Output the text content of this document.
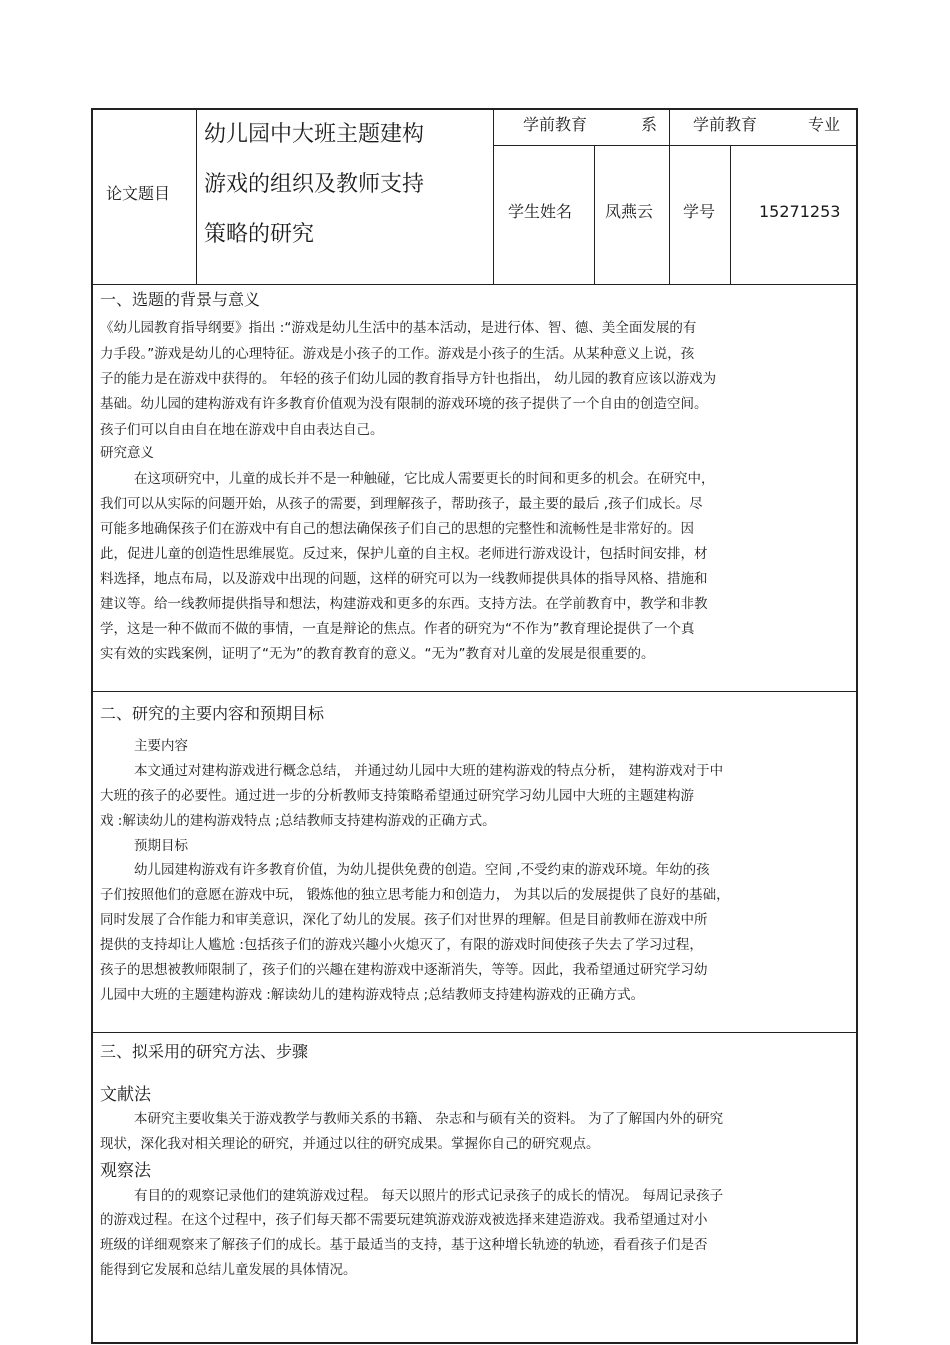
论文题目
幼儿园中大班主题建构
游戏的组织及教师支持
策略的研究
学前教育	系 学前教育	专业
学生姓名 凤燕云 学号	15271253
一、选题的背景与意义
《幼儿园教育指导纲要》指出 :“游戏是幼儿生活中的基本活动，是进行体、智、德、美全面发展的有
力手段。”游戏是幼儿的心理特征。游戏是小孩子的工作。游戏是小孩子的生活。从某种意义上说，孩
子的能力是在游戏中获得的。 年轻的孩子们幼儿园的教育指导方针也指出， 幼儿园的教育应该以游戏为
基础。幼儿园的建构游戏有许多教育价值观为没有限制的游戏环境的孩子提供了一个自由的创造空间。
孩子们可以自由自在地在游戏中自由表达自己。
研究意义
在这项研究中，儿童的成长并不是一种触碰，它比成人需要更长的时间和更多的机会。在研究中，
我们可以从实际的问题开始，从孩子的需要，到理解孩子，帮助孩子，最主要的最后 ,孩子们成长。尽
可能多地确保孩子们在游戏中有自己的想法确保孩子们自己的思想的完整性和流畅性是非常好的。因
此，促进儿童的创造性思维展览。反过来，保护儿童的自主权。老师进行游戏设计，包括时间安排，材
料选择，地点布局，以及游戏中出现的问题，这样的研究可以为一线教师提供具体的指导风格、措施和
建议等。给一线教师提供指导和想法，构建游戏和更多的东西。支持方法。在学前教育中，教学和非教
学，这是一种不做而不做的事情，一直是辩论的焦点。作者的研究为“不作为”教育理论提供了一个真
实有效的实践案例，证明了“无为”的教育教育的意义。“无为”教育对儿童的发展是很重要的。
二、研究的主要内容和预期目标
主要内容
本文通过对建构游戏进行概念总结， 并通过幼儿园中大班的建构游戏的特点分析， 建构游戏对于中
大班的孩子的必要性。通过进一步的分析教师支持策略希望通过研究学习幼儿园中大班的主题建构游
戏 :解读幼儿的建构游戏特点 ;总结教师支持建构游戏的正确方式。
预期目标
幼儿园建构游戏有许多教育价值，为幼儿提供免费的创造。空间 ,不受约束的游戏环境。年幼的孩
子们按照他们的意愿在游戏中玩， 锻炼他的独立思考能力和创造力， 为其以后的发展提供了良好的基础，
同时发展了合作能力和审美意识，深化了幼儿的发展。孩子们对世界的理解。但是目前教师在游戏中所
提供的支持却让人尴尬 :包括孩子们的游戏兴趣小火熄灭了，有限的游戏时间使孩子失去了学习过程，
孩子的思想被教师限制了，孩子们的兴趣在建构游戏中逐渐消失，等等。因此，我希望通过研究学习幼
儿园中大班的主题建构游戏 :解读幼儿的建构游戏特点 ;总结教师支持建构游戏的正确方式。
三、拟采用的研究方法、步骤
文献法
本研究主要收集关于游戏教学与教师关系的书籍、 杂志和与硕有关的资料。 为了了解国内外的研究
现状，深化我对相关理论的研究，并通过以往的研究成果。掌握你自己的研究观点。
观察法
有目的的观察记录他们的建筑游戏过程。 每天以照片的形式记录孩子的成长的情况。 每周记录孩子
的游戏过程。在这个过程中，孩子们每天都不需要玩建筑游戏游戏被选择来建造游戏。我希望通过对小
班级的详细观察来了解孩子们的成长。基于最适当的支持，基于这种增长轨迹的轨迹，看看孩子们是否
能得到它发展和总结儿童发展的具体情况。
